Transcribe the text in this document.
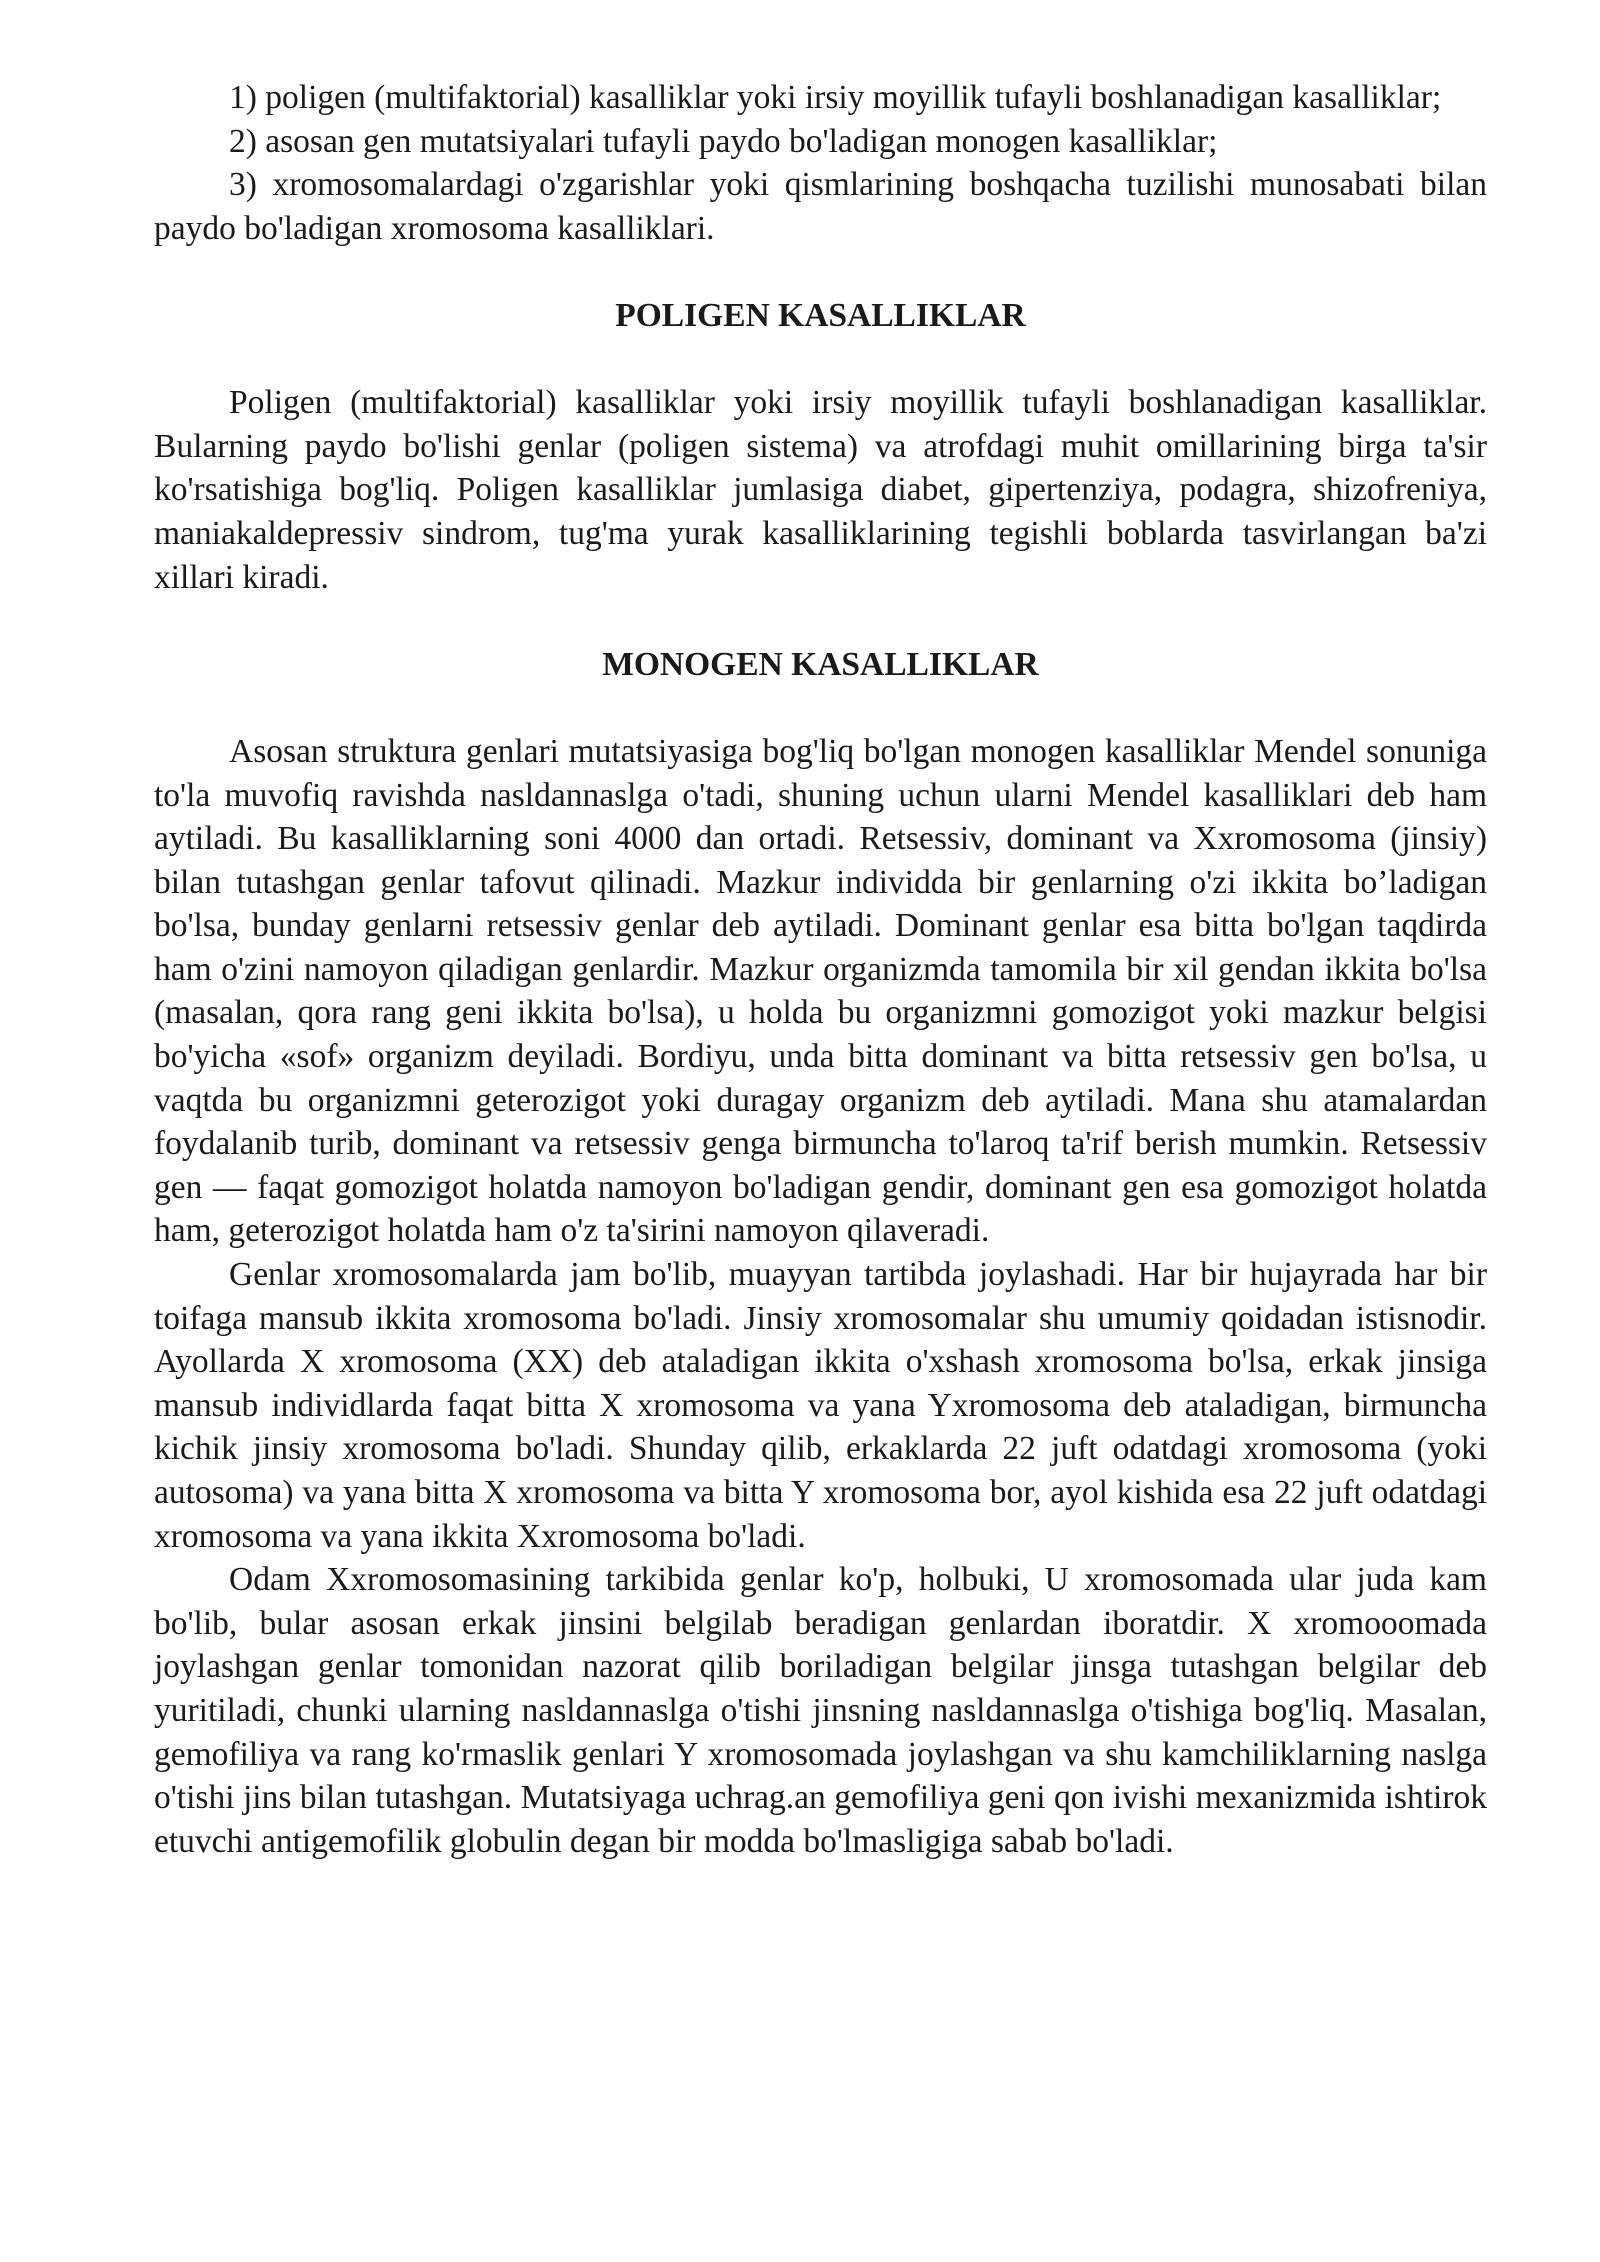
1) poligen (multifaktorial) kasalliklar yoki irsiy moyillik tufayli boshlanadigan kasalliklar;

2) asosan gen mutatsiyalari tufayli paydo bo'ladigan monogen kasalliklar;

3) xromosomalardagi o'zgarishlar yoki qismlarining boshqacha tuzilishi munosabati bilan paydo bo'ladigan xromosoma kasalliklari.

POLIGEN KASALLIKLAR

Poligen (multifaktorial) kasalliklar yoki irsiy moyillik tufayli boshlanadigan kasalliklar. Bularning paydo bo'lishi genlar (poligen sistema) va atrofdagi muhit omillarining birga ta'sir ko'rsatishiga bog'liq. Poligen kasalliklar jumlasiga diabet, gipertenziya, podagra, shizofreniya, maniakaldepressiv sindrom, tug'ma yurak kasalliklarining tegishli boblarda tasvirlangan ba'zi xillari kiradi.

MONOGEN KASALLIKLAR

Asosan struktura genlari mutatsiyasiga bog'liq bo'lgan monogen kasalliklar Mendel sonuniga to'la muvofiq ravishda nasldannaslga o'tadi, shuning uchun ularni Mendel kasalliklari deb ham aytiladi. Bu kasalliklarning soni 4000 dan ortadi. Retsessiv, dominant va Xxromosoma (jinsiy) bilan tutashgan genlar tafovut qilinadi. Mazkur individda bir genlarning o'zi ikkita bo’ladigan bo'lsa, bunday genlarni retsessiv genlar deb aytiladi. Dominant genlar esa bitta bo'lgan taqdirda ham o'zini namoyon qiladigan genlardir. Mazkur organizmda tamomila bir xil gendan ikkita bo'lsa (masalan, qora rang geni ikkita bo'lsa), u holda bu organizmni gomozigot yoki mazkur belgisi bo'yicha «sof» organizm deyiladi. Bordiyu, unda bitta dominant va bitta retsessiv gen bo'lsa, u vaqtda bu organizmni geterozigot yoki duragay organizm deb aytiladi. Mana shu atamalardan foydalanib turib, dominant va retsessiv genga birmuncha to'laroq ta'rif berish mumkin. Retsessiv gen — faqat gomozigot holatda namoyon bo'ladigan gendir, dominant gen esa gomozigot holatda ham, geterozigot holatda ham o'z ta'sirini namoyon qilaveradi.

Genlar xromosomalarda jam bo'lib, muayyan tartibda joylashadi. Har bir hujayrada har bir toifaga mansub ikkita xromosoma bo'ladi. Jinsiy xromosomalar shu umumiy qoidadan istisnodir. Ayollarda X xromosoma (XX) deb ataladigan ikkita o'xshash xromosoma bo'lsa, erkak jinsiga mansub individlarda faqat bitta X xromosoma va yana Yxromosoma deb ataladigan, birmuncha kichik jinsiy xromosoma bo'ladi. Shunday qilib, erkaklarda 22 juft odatdagi xromosoma (yoki autosoma) va yana bitta X xromosoma va bitta Y xromosoma bor, ayol kishida esa 22 juft odatdagi xromosoma va yana ikkita Xxromosoma bo'ladi.

Odam Xxromosomasining tarkibida genlar ko'p, holbuki, U xromosomada ular juda kam bo'lib, bular asosan erkak jinsini belgilab beradigan genlardan iboratdir. X xromooomada joylashgan genlar tomonidan nazorat qilib boriladigan belgilar jinsga tutashgan belgilar deb yuritiladi, chunki ularning nasldannaslga o'tishi jinsning nasldannaslga o'tishiga bog'liq. Masalan, gemofiliya va rang ko'rmaslik genlari Y xromosomada joylashgan va shu kamchiliklarning naslga o'tishi jins bilan tutashgan. Mutatsiyaga uchrag.an gemofiliya geni qon ivishi mexanizmida ishtirok etuvchi antigemofilik globulin degan bir modda bo'lmasligiga sabab bo'ladi.
